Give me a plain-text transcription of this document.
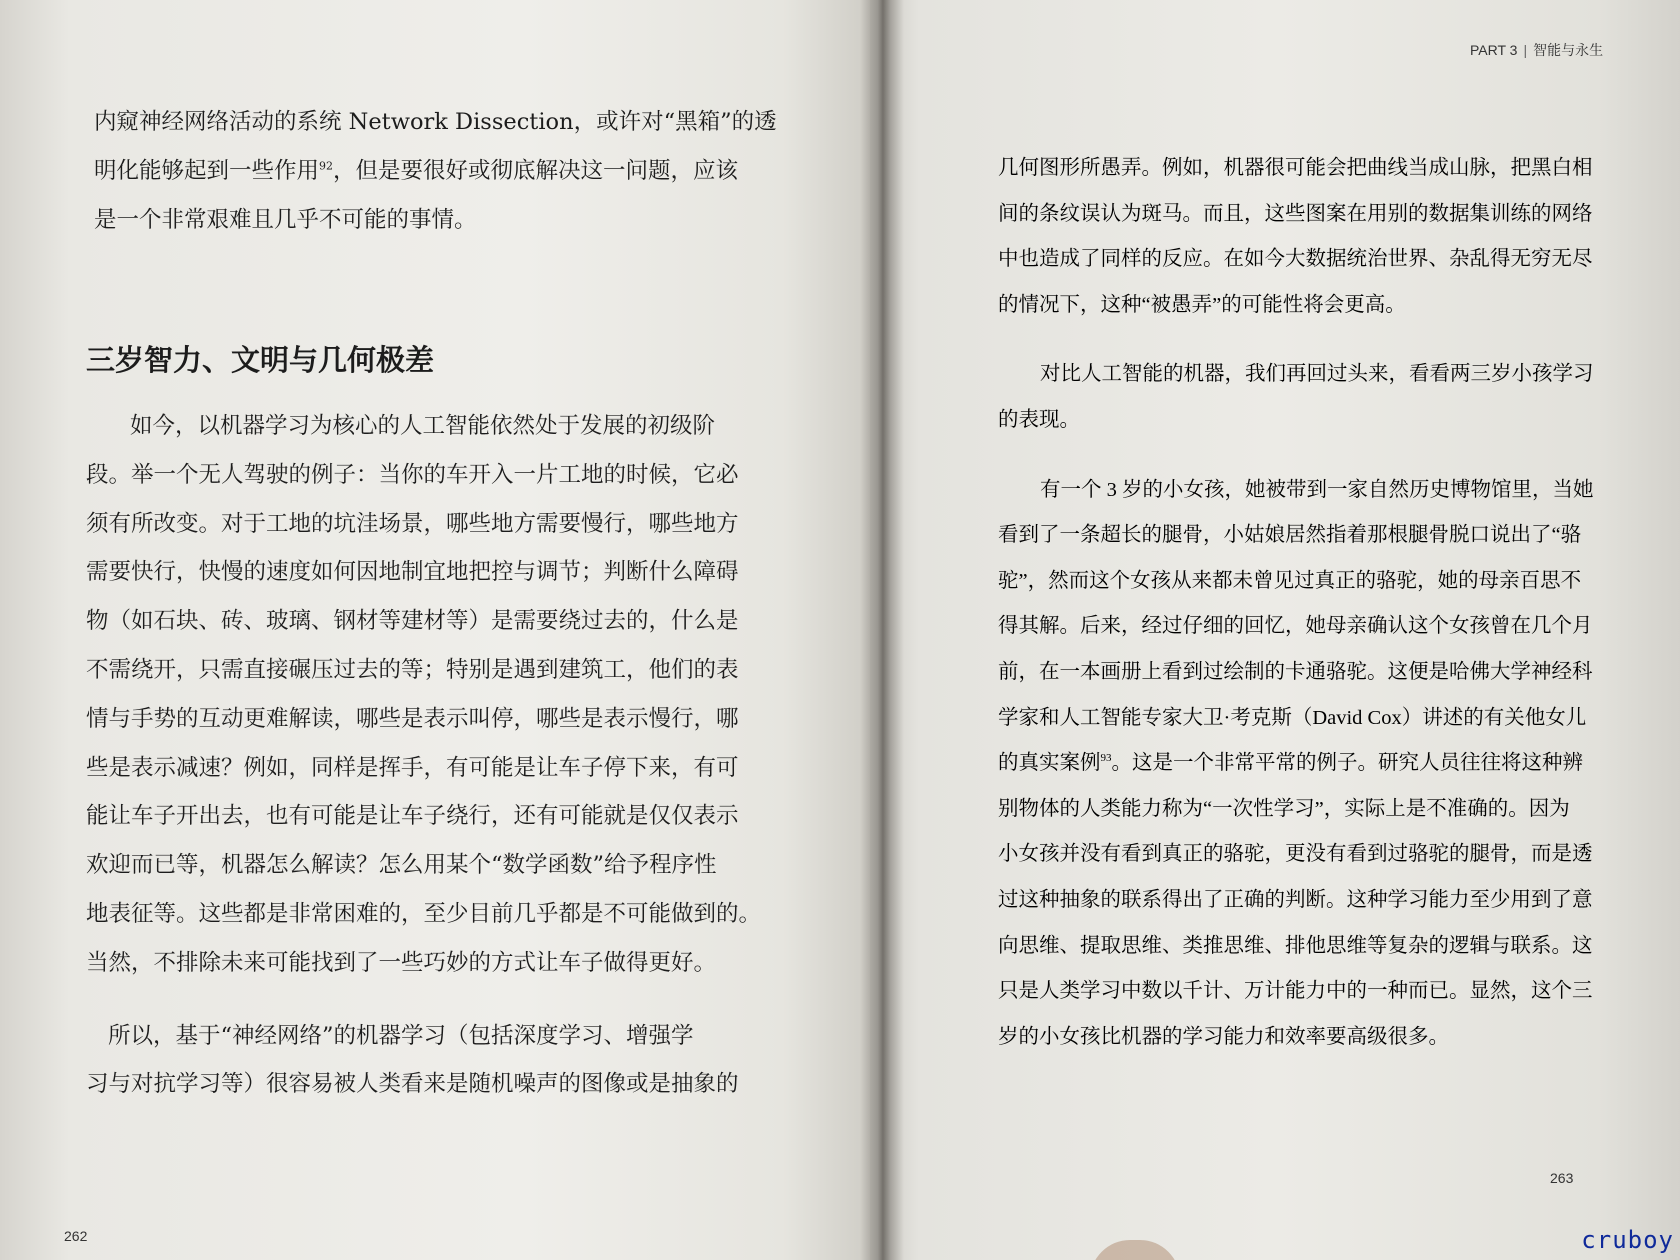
内窥神经网络活动的系统 Network Dissection，或许对“黑箱”的透
明化能够起到一些作用$^{92}$，但是要很好或彻底解决这一问题，应该
是一个非常艰难且几乎不可能的事情。
三岁智力、文明与几何极差
如今，以机器学习为核心的人工智能依然处于发展的初级阶
段。举一个无人驾驶的例子：当你的车开入一片工地的时候，它必
须有所改变。对于工地的坑洼场景，哪些地方需要慢行，哪些地方
需要快行，快慢的速度如何因地制宜地把控与调节；判断什么障碍
物（如石块、砖、玻璃、钢材等建材等）是需要绕过去的，什么是
不需绕开，只需直接碾压过去的等；特别是遇到建筑工，他们的表
情与手势的互动更难解读，哪些是表示叫停，哪些是表示慢行，哪
些是表示减速？例如，同样是挥手，有可能是让车子停下来，有可
能让车子开出去，也有可能是让车子绕行，还有可能就是仅仅表示
欢迎而已等，机器怎么解读？怎么用某个“数学函数”给予程序性
地表征等。这些都是非常困难的，至少目前几乎都是不可能做到的。
当然，不排除未来可能找到了一些巧妙的方式让车子做得更好。
所以，基于“神经网络”的机器学习（包括深度学习、增强学
习与对抗学习等）很容易被人类看来是随机噪声的图像或是抽象的
262
PART 3 | 智能与永生
几何图形所愚弄。例如，机器很可能会把曲线当成山脉，把黑白相
间的条纹误认为斑马。而且，这些图案在用别的数据集训练的网络
中也造成了同样的反应。在如今大数据统治世界、杂乱得无穷无尽
的情况下，这种“被愚弄”的可能性将会更高。
对比人工智能的机器，我们再回过头来，看看两三岁小孩学习
的表现。
有一个 3 岁的小女孩，她被带到一家自然历史博物馆里，当她
看到了一条超长的腿骨，小姑娘居然指着那根腿骨脱口说出了“骆
驼”，然而这个女孩从来都未曾见过真正的骆驼，她的母亲百思不
得其解。后来，经过仔细的回忆，她母亲确认这个女孩曾在几个月
前，在一本画册上看到过绘制的卡通骆驼。这便是哈佛大学神经科
学家和人工智能专家大卫·考克斯（David Cox）讲述的有关他女儿
的真实案例$^{93}$。这是一个非常平常的例子。研究人员往往将这种辨
别物体的人类能力称为“一次性学习”，实际上是不准确的。因为
小女孩并没有看到真正的骆驼，更没有看到过骆驼的腿骨，而是透
过这种抽象的联系得出了正确的判断。这种学习能力至少用到了意
向思维、提取思维、类推思维、排他思维等复杂的逻辑与联系。这
只是人类学习中数以千计、万计能力中的一种而已。显然，这个三
岁的小女孩比机器的学习能力和效率要高级很多。
263
cruboy
